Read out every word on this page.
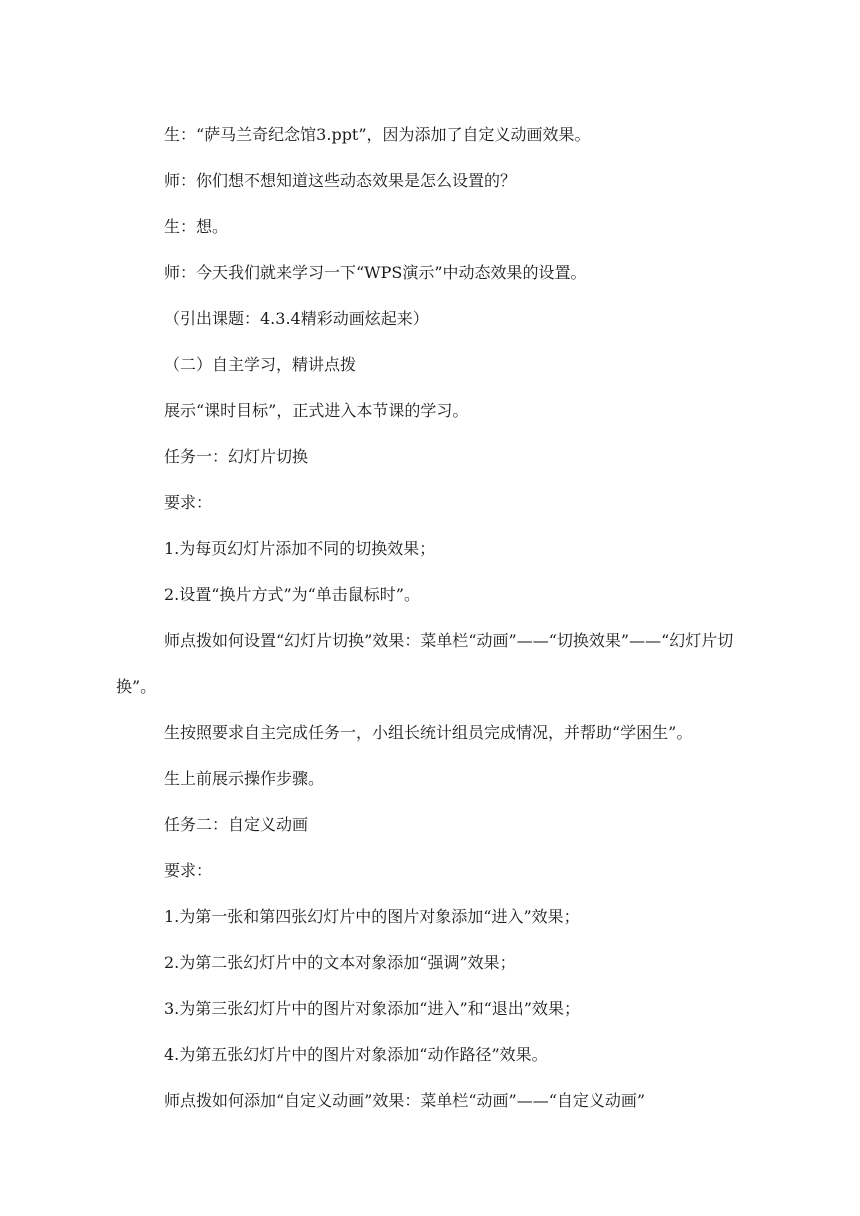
生：“萨马兰奇纪念馆3.ppt”，因为添加了自定义动画效果。

师：你们想不想知道这些动态效果是怎么设置的？

生：想。

师：今天我们就来学习一下“WPS演示”中动态效果的设置。

（引出课题：4.3.4精彩动画炫起来）

（二）自主学习，精讲点拨

展示“课时目标”，正式进入本节课的学习。

任务一：幻灯片切换

要求：

1.为每页幻灯片添加不同的切换效果；

2.设置“换片方式”为“单击鼠标时”。

师点拨如何设置“幻灯片切换”效果：菜单栏“动画”——“切换效果”——“幻灯片切换”。

生按照要求自主完成任务一，小组长统计组员完成情况，并帮助“学困生”。

生上前展示操作步骤。

任务二：自定义动画

要求：

1.为第一张和第四张幻灯片中的图片对象添加“进入”效果；

2.为第二张幻灯片中的文本对象添加“强调”效果；

3.为第三张幻灯片中的图片对象添加“进入”和“退出”效果；

4.为第五张幻灯片中的图片对象添加“动作路径”效果。

师点拨如何添加“自定义动画”效果：菜单栏“动画”——“自定义动画”
